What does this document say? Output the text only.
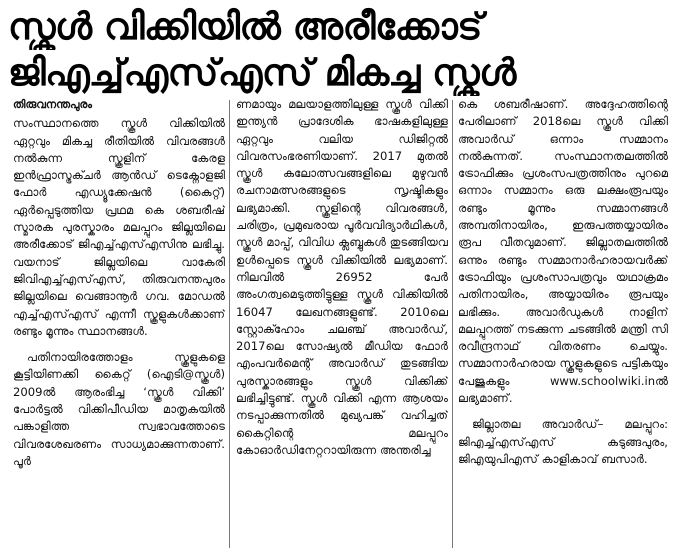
സ്കൂൾ വിക്കിയിൽ അരീക്കോട്
ജിഎച്ച്എസ്എസ് മികച്ച സ്കൂൾ
തിരുവനന്തപുരം

സംസ്ഥാനത്തെ സ്കൂൾ വിക്കിയിൽ ഏറ്റവും മികച്ച രീതിയിൽ വിവരങ്ങൾ നൽകുന്ന സ്കൂളിന് കേരള ഇൻഫ്രാസ്ട്രക്ചർ ആൻഡ് ടെക്നോളജി ഫോർ എഡ്യൂക്കേഷൻ (കൈറ്റ്) ഏർപ്പെടുത്തിയ പ്രഥമ കെ ശബരീഷ് സ്മാരക പുരസ്കാരം മലപ്പുറം ജില്ലയിലെ അരീക്കോട് ജിഎച്ച്എസ്എസിനു ലഭിച്ചു. വയനാട് ജില്ലയിലെ വാകേരി ജിവിഎച്ച്എസ്എസ്, തിരുവനന്തപുരം ജില്ലയിലെ വെങ്ങാനൂർ ഗവ. മോഡൽ എച്ച്എസ്എസ് എന്നീ സ്കൂളുകൾക്കാണ് രണ്ടും മൂന്നും സ്ഥാനങ്ങൾ.

പതിനായിരത്തോളം സ്കൂളുകളെ കൂട്ടിയിണക്കി കൈറ്റ് (ഐടി@സ്കൂൾ) 2009ൽ ആരംഭിച്ച ‘സ്കൂൾ വിക്കി’ പോർട്ടൽ വിക്കിപീഡിയ മാതൃകയിൽ പങ്കാളിത്ത സ്വഭാവത്തോടെ വിവരശേഖരണം സാധ്യമാക്കുന്നതാണ്. പൂർ

ണമായും മലയാളത്തിലുള്ള സ്കൂൾ വിക്കി ഇന്ത്യൻ പ്രാദേശിക ഭാഷകളിലുള്ള ഏറ്റവും വലിയ ഡിജിറ്റൽ വിവരസംഭരണിയാണ്. 2017 മുതൽ സ്കൂൾ കലോത്സവങ്ങളിലെ മുഴുവൻ രചനാമത്സരങ്ങളുടെ സൃഷ്ടികളും ലഭ്യമാക്കി. സ്കൂളിന്റെ വിവരങ്ങൾ, ചരിത്രം, പ്രമുഖരായ പൂർവവിദ്യാർഥികൾ, സ്കൂൾ മാപ്പ്, വിവിധ ക്ലബ്ബുകൾ തുടങ്ങിയവ ഉൾപ്പെടെ സ്കൂൾ വിക്കിയിൽ ലഭ്യമാണ്. നിലവിൽ 26952 പേർ അംഗത്വമെടുത്തിട്ടുള്ള സ്കൂൾ വിക്കിയിൽ 16047 ലേഖനങ്ങളുണ്ട്. 2010ലെ സ്റ്റോക്ഹോം ചലഞ്ച് അവാർഡ്, 2017ലെ സോഷ്യൽ മീഡിയ ഫോർ എംപവർമെന്റ് അവാർഡ് തുടങ്ങിയ പുരസ്കാരങ്ങളും സ്കൂൾ വിക്കിക്ക് ലഭിച്ചിട്ടുണ്ട്. സ്കൂൾ വിക്കി എന്ന ആശയം നടപ്പാക്കുന്നതിൽ മുഖ്യപങ്ക് വഹിച്ചത് കൈറ്റിന്റെ മലപ്പുറം കോഓർഡിനേറ്ററായിരുന്ന അന്തരിച്ച

കെ ശബരീഷാണ്. അദ്ദേഹത്തിന്റെ പേരിലാണ് 2018ലെ സ്കൂൾ വിക്കി അവാർഡ് ഒന്നാം സമ്മാനം നൽകുന്നത്. സംസ്ഥാനതലത്തിൽ ട്രോഫിക്കും പ്രശംസപത്രത്തിനും പുറമെ ഒന്നാം സമ്മാനം ഒരു ലക്ഷംരൂപയും രണ്ടും മൂന്നും സമ്മാനങ്ങൾ അമ്പതിനായിരം, ഇരുപത്തയ്യായിരം രൂപ വീതവുമാണ്. ജില്ലാതലത്തിൽ ഒന്നും രണ്ടും സമ്മാനാർഹരായവർക്ക് ട്രോഫിയും പ്രശംസാപത്രവും യഥാക്രമം പതിനായിരം, അയ്യായിരം രൂപയും ലഭിക്കും. അവാർഡുകൾ നാളിന് മലപ്പുറത്ത് നടക്കുന്ന ചടങ്ങിൽ മന്ത്രി സി രവീന്ദ്രനാഥ് വിതരണം ചെയ്യും. സമ്മാനാർഹരായ സ്കൂളുകളുടെ പട്ടികയും പേജുകളും www.schoolwiki.inൽ ലഭ്യമാണ്.

ജില്ലാതല അവാർഡ്– മലപ്പുറം: ജിഎച്ച്എസ്എസ് കടുങ്ങപുരം, ജിഎയുപിഎസ് കാളികാവ് ബസാർ.
